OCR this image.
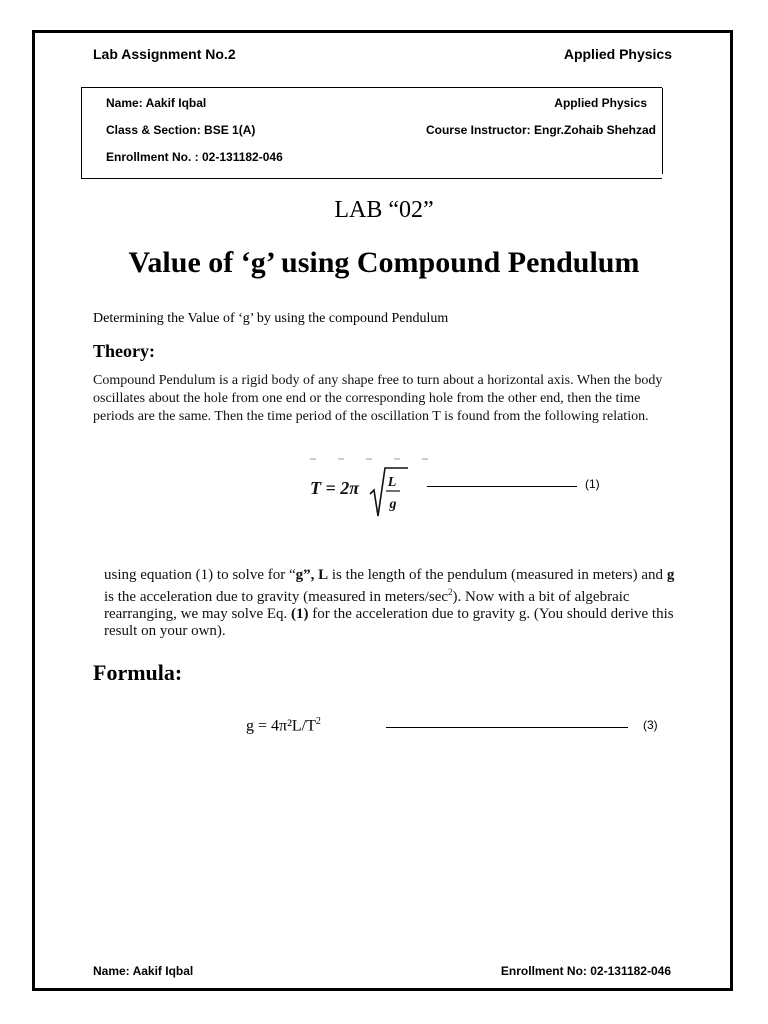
Lab Assignment No.2	Applied Physics
Name: Aakif Iqbal	Applied Physics
Class & Section: BSE 1(A)	Course Instructor: Engr.Zohaib Shehzad
Enrollment No. : 02-131182-046
LAB “02”
Value of ‘g’ using Compound Pendulum
Determining the Value of ‘g’ by using the compound Pendulum
Theory:
Compound Pendulum is a rigid body of any shape free to turn about a horizontal axis. When the body oscillates about the hole from one end or the corresponding hole from the other end, then the time periods are the same. Then the time period of the oscillation T is found from the following relation.
T = 2π L
g
(1)
using equation (1) to solve for “g”, L is the length of the pendulum (measured in meters) and g is the acceleration due to gravity (measured in meters/$\sec^2$). Now with a bit of algebraic rearranging, we may solve Eq. (1) for the acceleration due to gravity g. (You should derive this result on your own).
Formula:
$g = 4\pi^2L/T^2$	(3)
Name: Aakif Iqbal	Enrollment No: 02-131182-046
